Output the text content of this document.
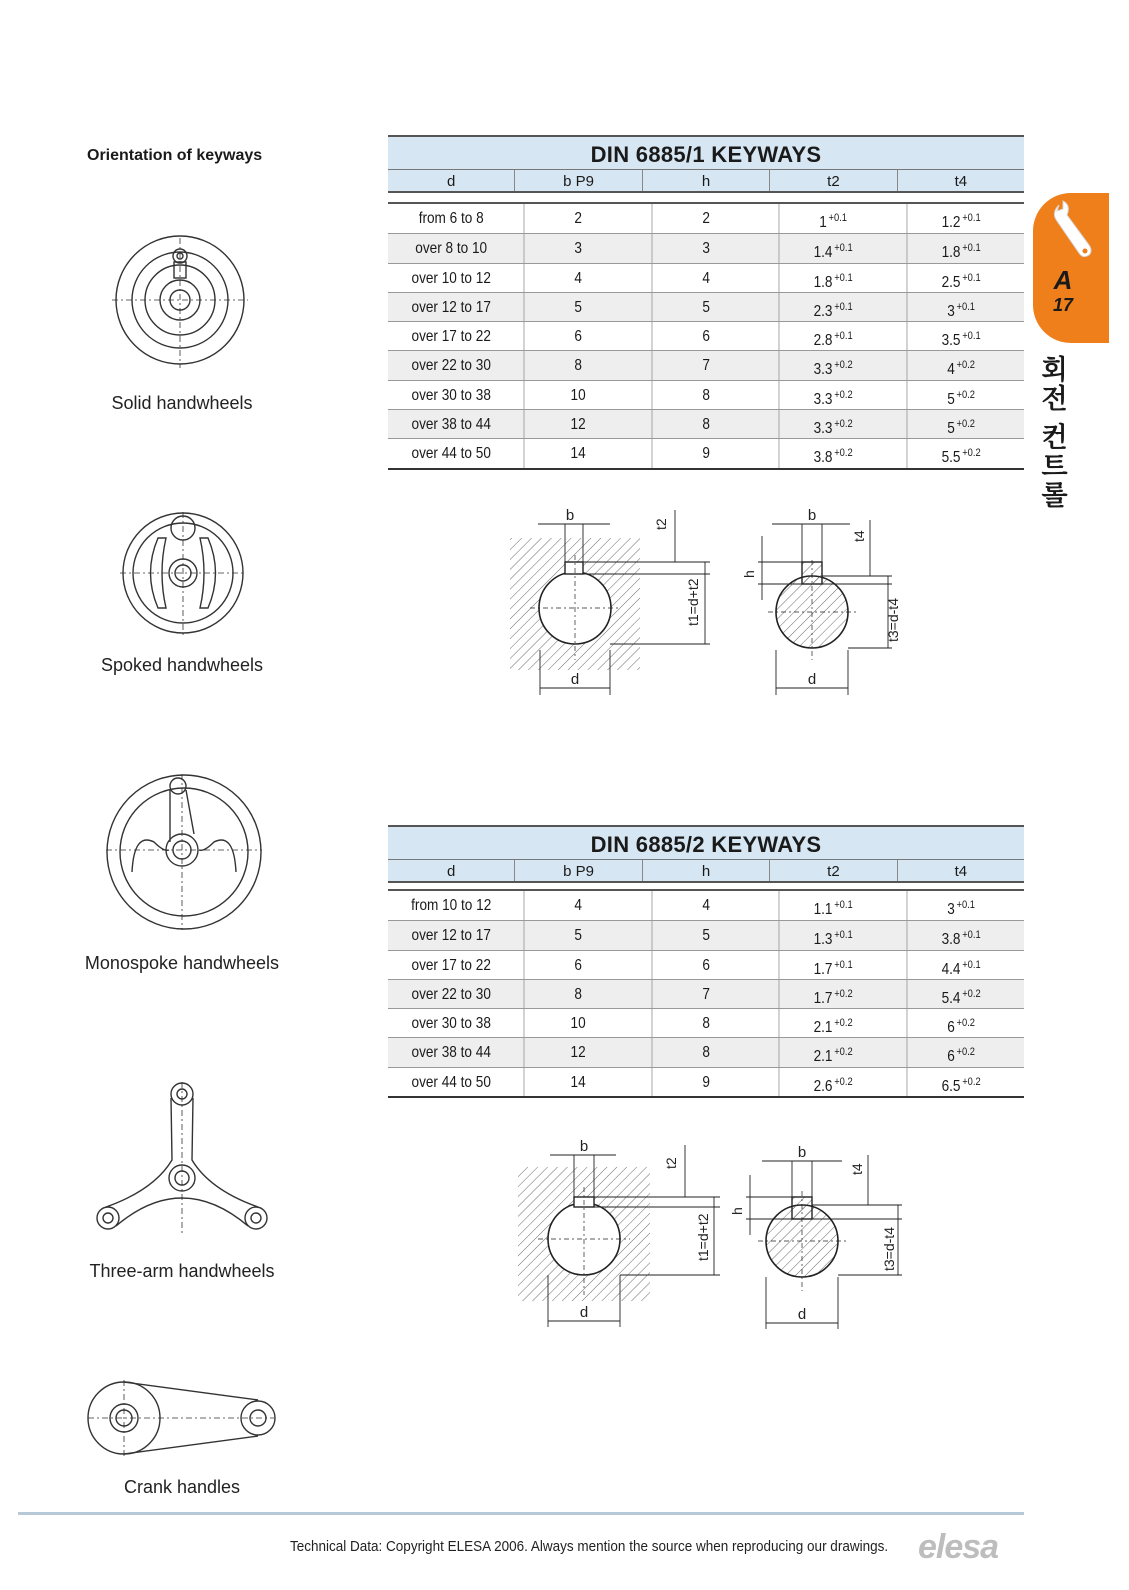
Orientation of keyways
Solid handwheels
Spoked handwheels
Monospoke handwheels
Three-arm handwheels
Crank handles
DIN 6885/1 KEYWAYS
d	b P9	h	t2	t4
from 6 to 8	2	2	1 $^{+0.1}$	1.2 $^{+0.1}$
over 8 to 10	3	3	1.4 $^{+0.1}$	1.8 $^{+0.1}$
over 10 to 12	4	4	1.8 $^{+0.1}$	2.5 $^{+0.1}$
over 12 to 17	5	5	2.3 $^{+0.1}$	3 $^{+0.1}$
over 17 to 22	6	6	2.8 $^{+0.1}$	3.5 $^{+0.1}$
over 22 to 30	8	7	3.3 $^{+0.2}$	4 $^{+0.2}$
over 30 to 38	10	8	3.3 $^{+0.2}$	5 $^{+0.2}$
over 38 to 44	12	8	3.3 $^{+0.2}$	5 $^{+0.2}$
over 44 to 50	14	9	3.8 $^{+0.2}$	5.5 $^{+0.2}$
b
d
t2
t1=d+t2
b
d
h
t4
t3=d-t4
DIN 6885/2 KEYWAYS
d	b P9	h	t2	t4
from 10 to 12	4	4	1.1 $^{+0.1}$	3 $^{+0.1}$
over 12 to 17	5	5	1.3 $^{+0.1}$	3.8 $^{+0.1}$
over 17 to 22	6	6	1.7 $^{+0.1}$	4.4 $^{+0.1}$
over 22 to 30	8	7	1.7 $^{+0.2}$	5.4 $^{+0.2}$
over 30 to 38	10	8	2.1 $^{+0.2}$	6 $^{+0.2}$
over 38 to 44	12	8	2.1 $^{+0.2}$	6 $^{+0.2}$
over 44 to 50	14	9	2.6 $^{+0.2}$	6.5 $^{+0.2}$
b
d
t2
t1=d+t2
b
d
h
t4
t3=d-t4
A
17
회전 컨트롤
Technical Data: Copyright ELESA 2006. Always mention the source when reproducing our drawings. elesa
